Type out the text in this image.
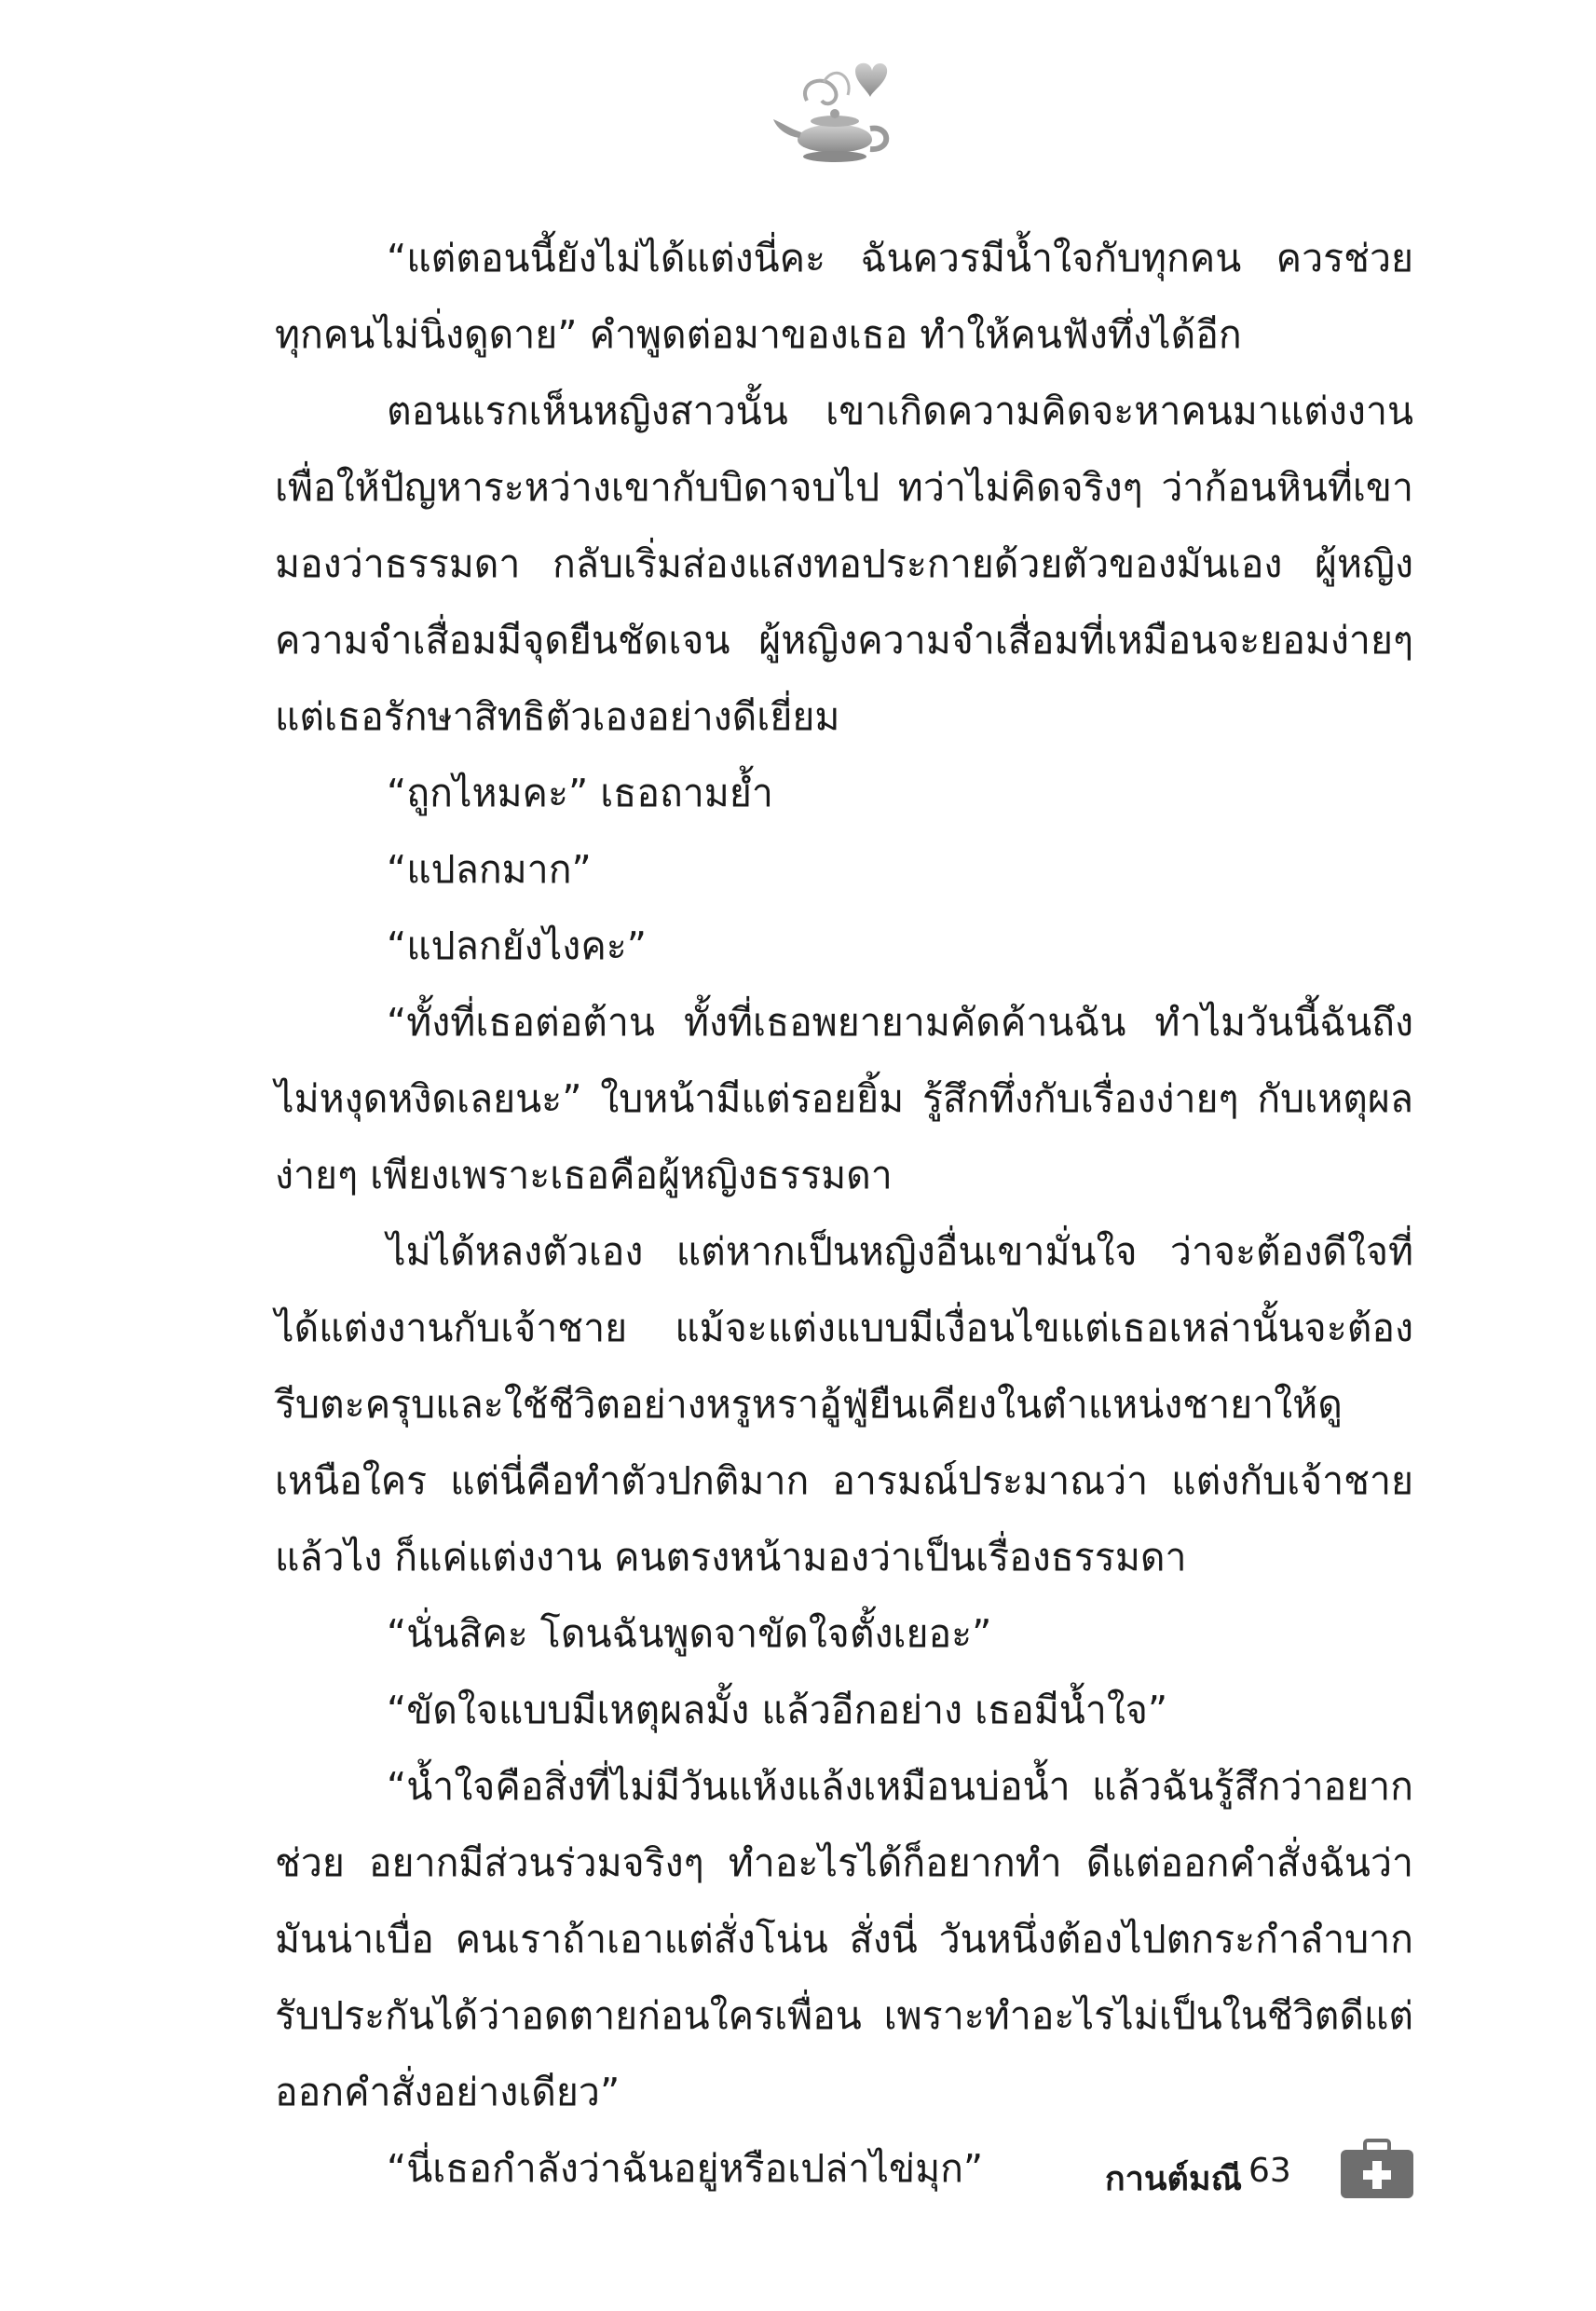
“แต่ตอนนี้ยังไม่ได้แต่งนี่คะ ฉันควรมีน้ำใจกับทุกคน ควรช่วยทุกคนไม่นิ่งดูดาย” คำพูดต่อมาของเธอ ทำให้คนฟังทึ่งได้อีก

ตอนแรกเห็นหญิงสาวนั้น เขาเกิดความคิดจะหาคนมาแต่งงานเพื่อให้ปัญหาระหว่างเขากับบิดาจบไป ทว่าไม่คิดจริงๆ ว่าก้อนหินที่เขามองว่าธรรมดา กลับเริ่มส่องแสงทอประกายด้วยตัวของมันเอง ผู้หญิงความจำเสื่อมมีจุดยืนชัดเจน ผู้หญิงความจำเสื่อมที่เหมือนจะยอมง่ายๆ แต่เธอรักษาสิทธิตัวเองอย่างดีเยี่ยม

“ถูกไหมคะ” เธอถามย้ำ

“แปลกมาก”

“แปลกยังไงคะ”

“ทั้งที่เธอต่อต้าน ทั้งที่เธอพยายามคัดค้านฉัน ทำไมวันนี้ฉันถึงไม่หงุดหงิดเลยนะ” ใบหน้ามีแต่รอยยิ้ม รู้สึกทึ่งกับเรื่องง่ายๆ กับเหตุผลง่ายๆ เพียงเพราะเธอคือผู้หญิงธรรมดา

ไม่ได้หลงตัวเอง แต่หากเป็นหญิงอื่นเขามั่นใจ ว่าจะต้องดีใจที่ได้แต่งงานกับเจ้าชาย แม้จะแต่งแบบมีเงื่อนไขแต่เธอเหล่านั้นจะต้องรีบตะครุบและใช้ชีวิตอย่างหรูหราอู้ฟู่ยืนเคียงในตำแหน่งชายาให้ดูเหนือใคร แต่นี่คือทำตัวปกติมาก อารมณ์ประมาณว่า แต่งกับเจ้าชายแล้วไง ก็แค่แต่งงาน คนตรงหน้ามองว่าเป็นเรื่องธรรมดา

“นั่นสิคะ โดนฉันพูดจาขัดใจตั้งเยอะ”

“ขัดใจแบบมีเหตุผลมั้ง แล้วอีกอย่าง เธอมีน้ำใจ”

“น้ำใจคือสิ่งที่ไม่มีวันแห้งแล้งเหมือนบ่อน้ำ แล้วฉันรู้สึกว่าอยากช่วย อยากมีส่วนร่วมจริงๆ ทำอะไรได้ก็อยากทำ ดีแต่ออกคำสั่งฉันว่ามันน่าเบื่อ คนเราถ้าเอาแต่สั่งโน่น สั่งนี่ วันหนึ่งต้องไปตกระกำลำบาก รับประกันได้ว่าอดตายก่อนใครเพื่อน เพราะทำอะไรไม่เป็นในชีวิตดีแต่ออกคำสั่งอย่างเดียว”

“นี่เธอกำลังว่าฉันอยู่หรือเปล่าไข่มุก”	กานต์มณี 63
